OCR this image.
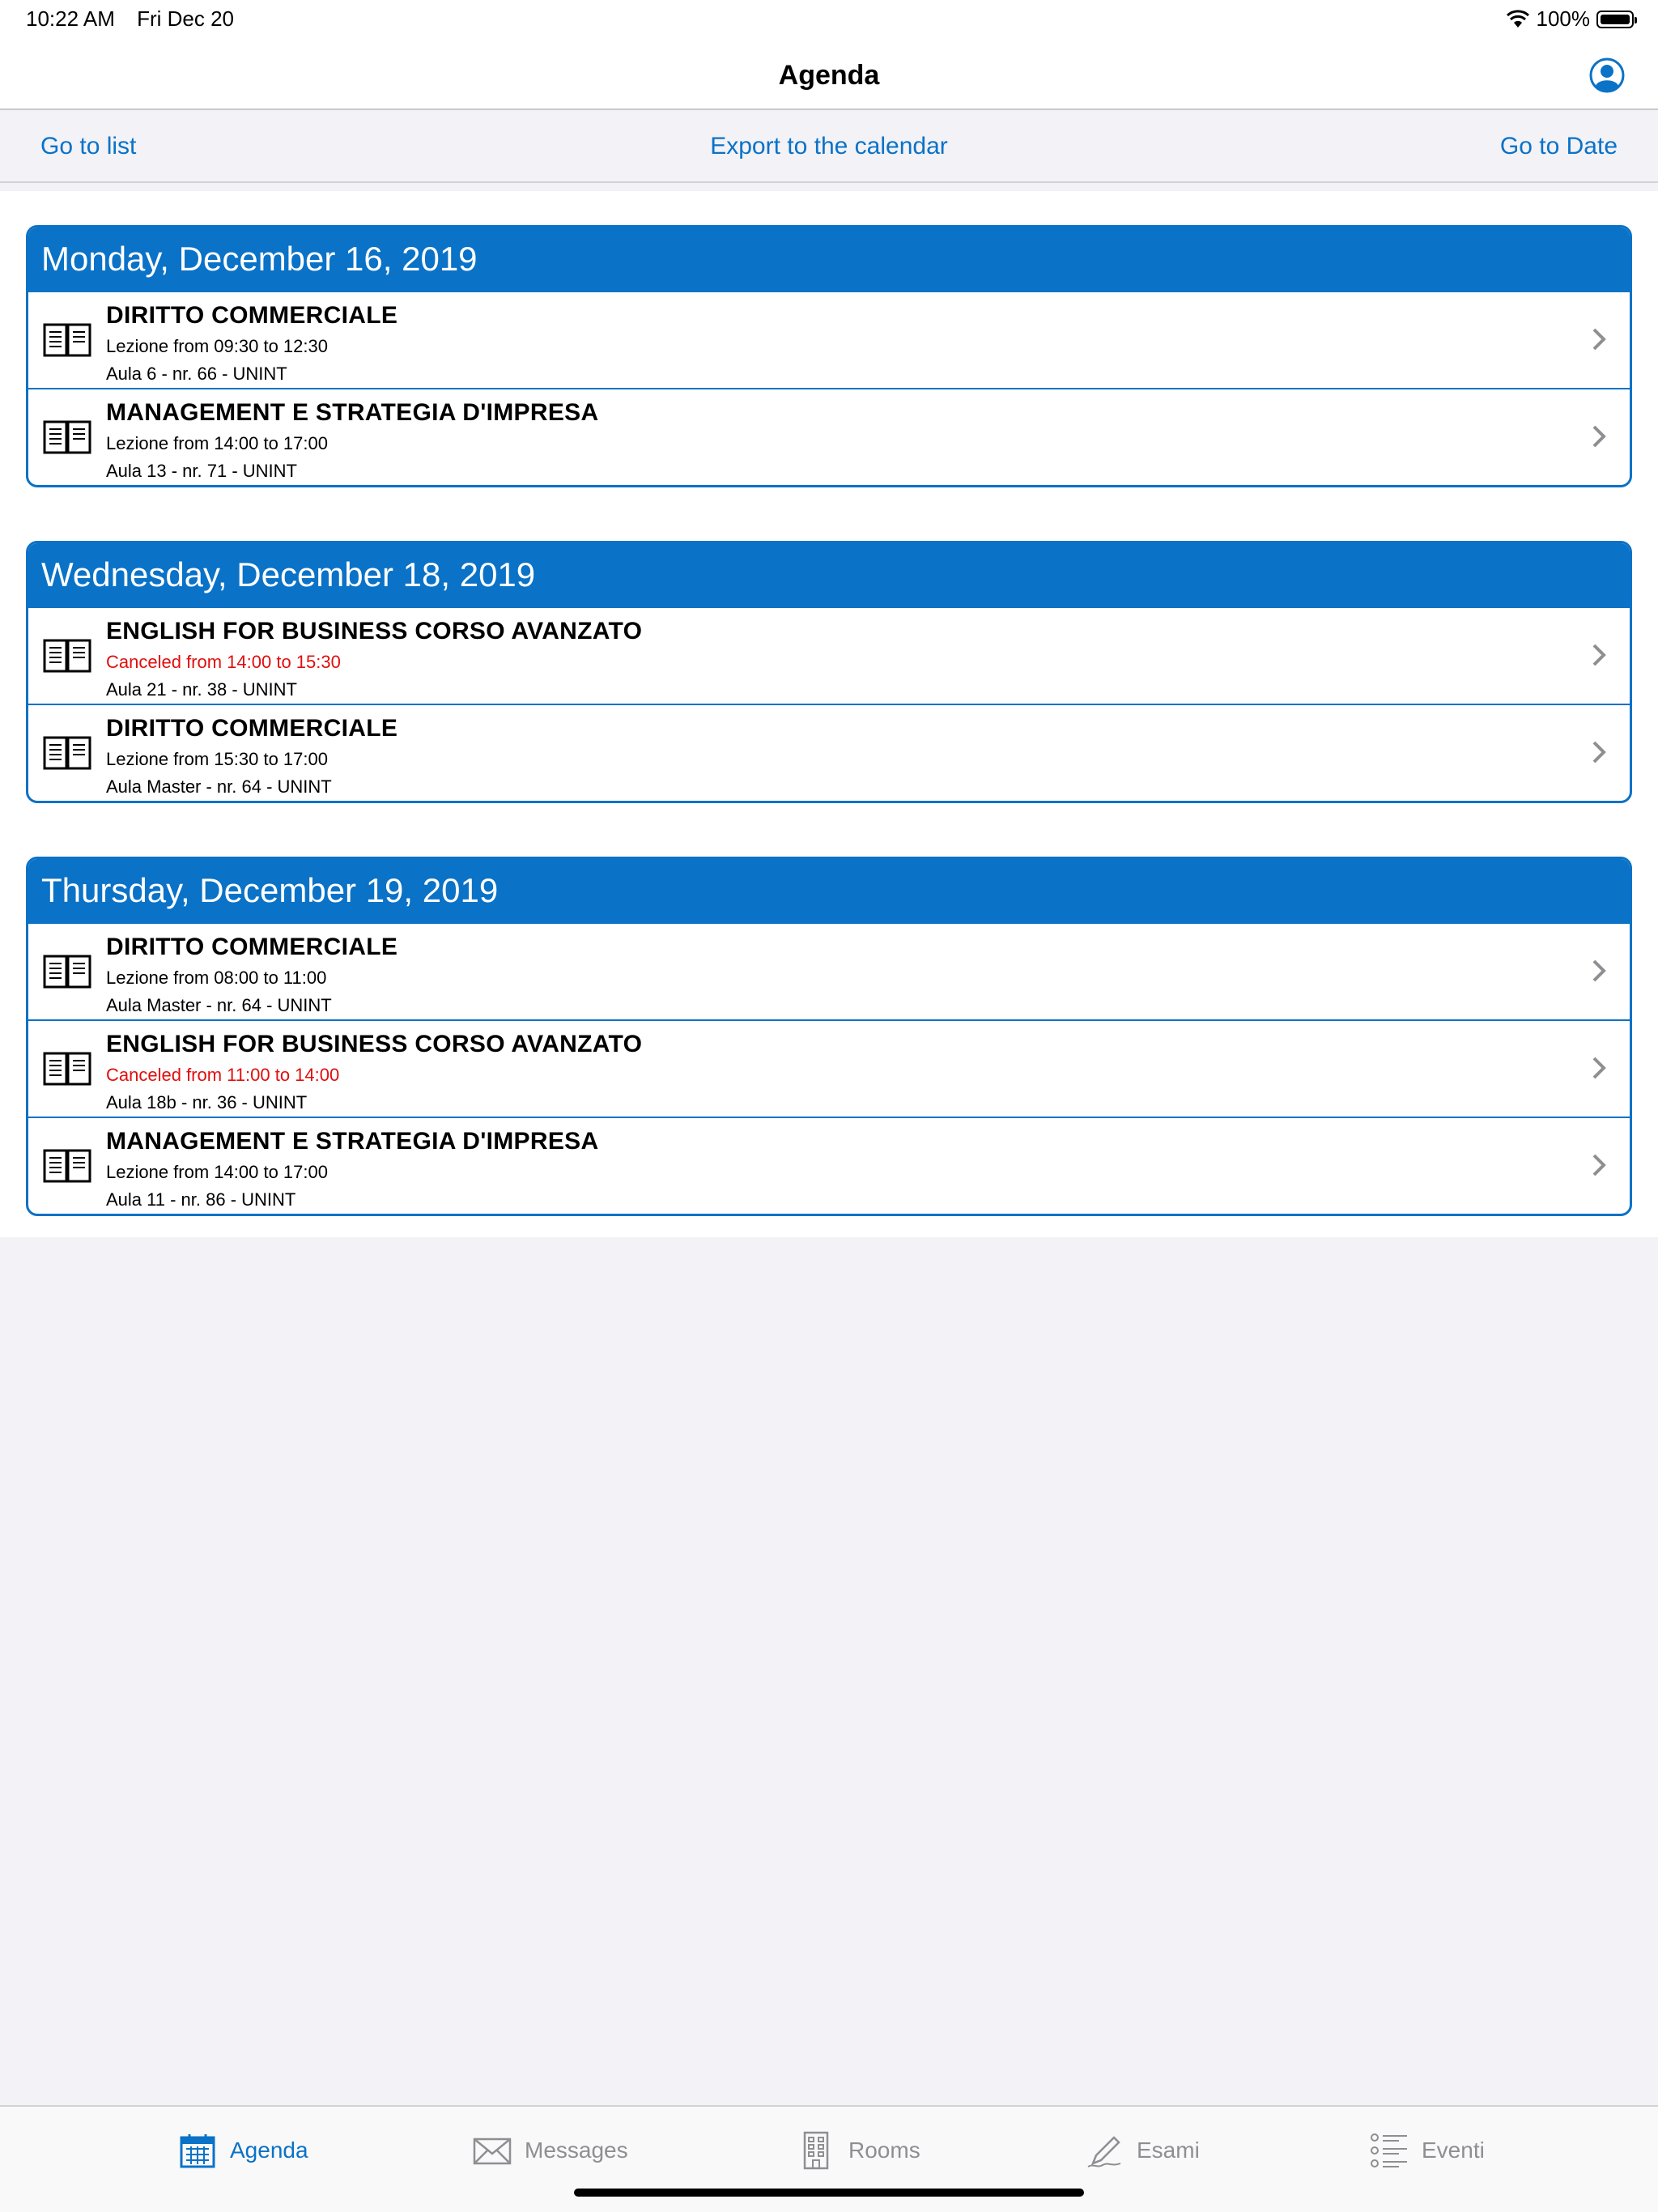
10:22 AM Fri Dec 20	100%
Agenda
Go to list	Export to the calendar	Go to Date
Monday, December 16, 2019
DIRITTO COMMERCIALE
Lezione from 09:30 to 12:30
Aula 6 - nr. 66 - UNINT
MANAGEMENT E STRATEGIA D'IMPRESA
Lezione from 14:00 to 17:00
Aula 13 - nr. 71 - UNINT
Wednesday, December 18, 2019
ENGLISH FOR BUSINESS CORSO AVANZATO
Canceled from 14:00 to 15:30
Aula 21 - nr. 38 - UNINT
DIRITTO COMMERCIALE
Lezione from 15:30 to 17:00
Aula Master - nr. 64 - UNINT
Thursday, December 19, 2019
DIRITTO COMMERCIALE
Lezione from 08:00 to 11:00
Aula Master - nr. 64 - UNINT
ENGLISH FOR BUSINESS CORSO AVANZATO
Canceled from 11:00 to 14:00
Aula 18b - nr. 36 - UNINT
MANAGEMENT E STRATEGIA D'IMPRESA
Lezione from 14:00 to 17:00
Aula 11 - nr. 86 - UNINT
Agenda	Messages	Rooms	Esami	Eventi
